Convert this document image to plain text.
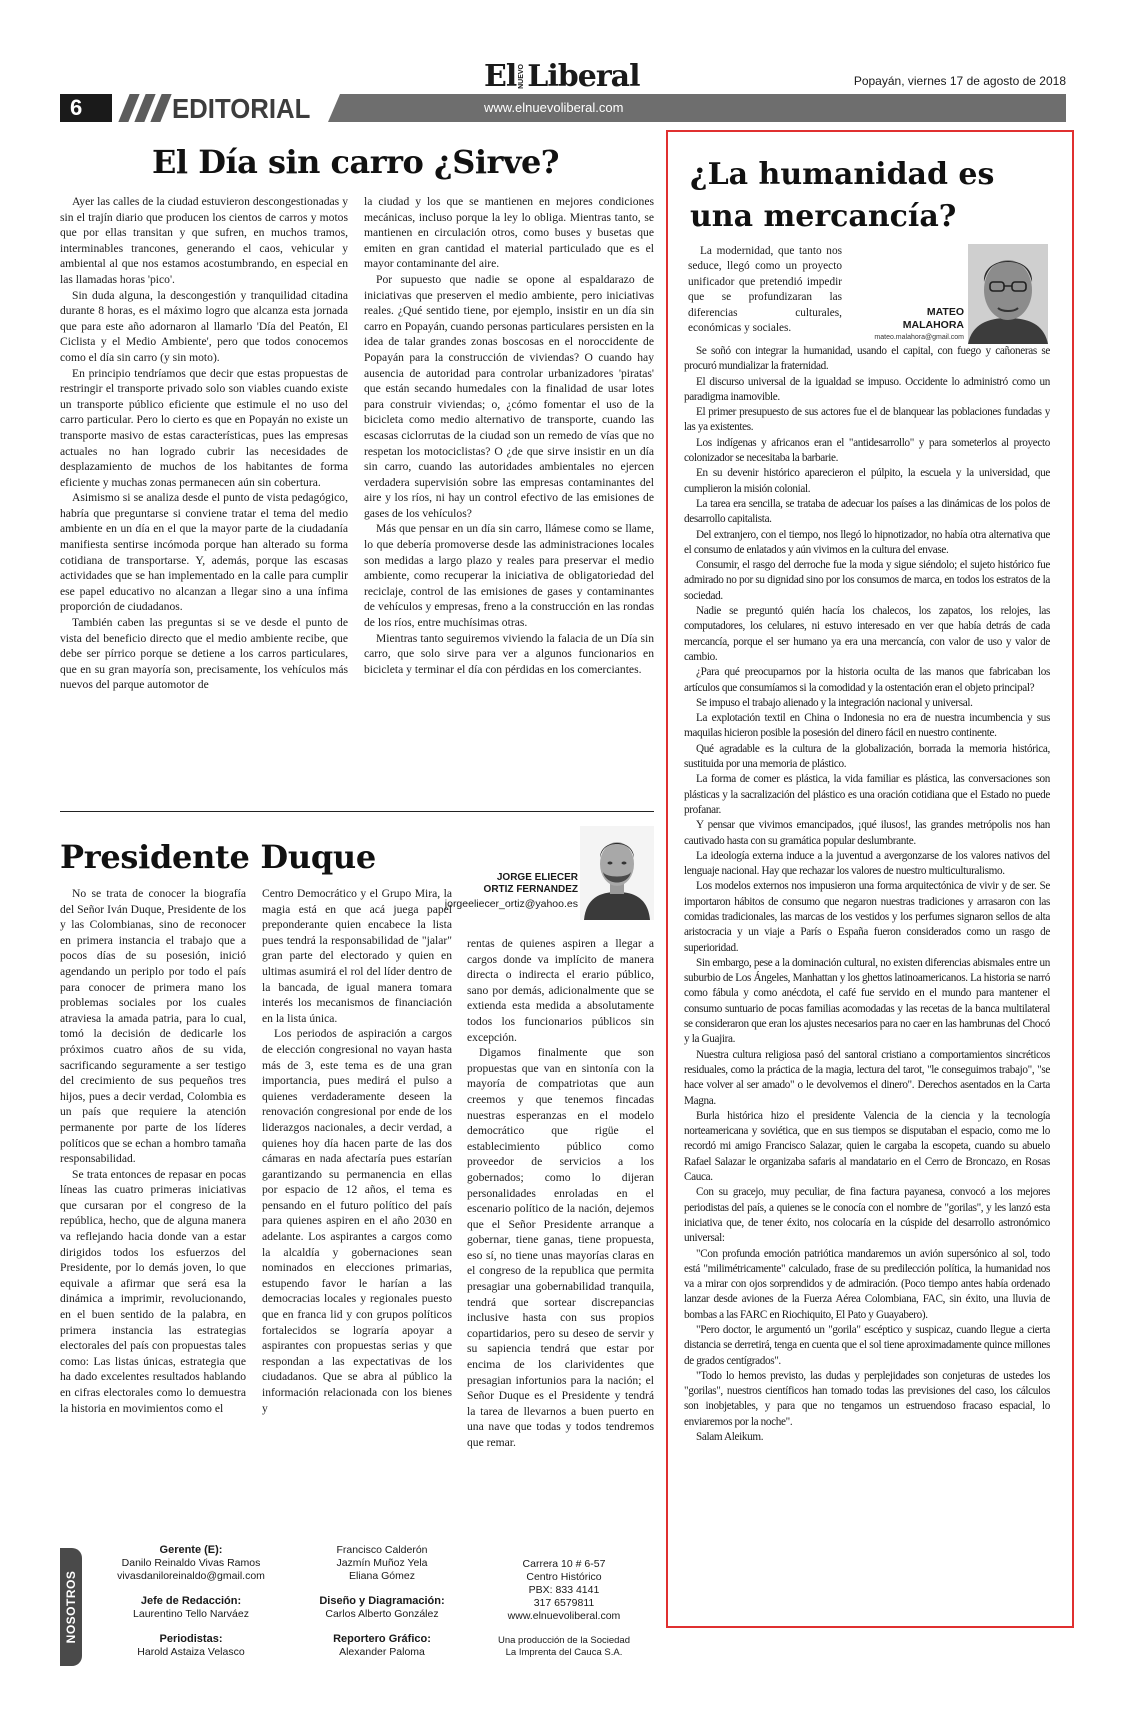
El NUEVO Liberal	Popayán, viernes 17 de agosto de 2018
6	EDITORIAL	www.elnuevoliberal.com
El Día sin carro ¿Sirve?

Ayer las calles de la ciudad estuvieron descongestionadas y sin el trajín diario que producen los cientos de carros y motos que por ellas transitan y que sufren, en muchos tramos, interminables trancones, generando el caos, vehicular y ambiental al que nos estamos acostumbrando, en especial en las llamadas horas 'pico'.

Sin duda alguna, la descongestión y tranquilidad citadina durante 8 horas, es el máximo logro que alcanza esta jornada que para este año adornaron al llamarlo 'Día del Peatón, El Ciclista y el Medio Ambiente', pero que todos conocemos como el día sin carro (y sin moto).

En principio tendríamos que decir que estas propuestas de restringir el transporte privado solo son viables cuando existe un transporte público eficiente que estimule el no uso del carro particular. Pero lo cierto es que en Popayán no existe un transporte masivo de estas características, pues las empresas actuales no han logrado cubrir las necesidades de desplazamiento de muchos de los habitantes de forma eficiente y muchas zonas permanecen aún sin cobertura.

Asimismo si se analiza desde el punto de vista pedagógico, habría que preguntarse si conviene tratar el tema del medio ambiente en un día en el que la mayor parte de la ciudadanía manifiesta sentirse incómoda porque han alterado su forma cotidiana de transportarse. Y, además, porque las escasas actividades que se han implementado en la calle para cumplir ese papel educativo no alcanzan a llegar sino a una ínfima proporción de ciudadanos.

También caben las preguntas si se ve desde el punto de vista del beneficio directo que el medio ambiente recibe, que debe ser pírrico porque se detiene a los carros particulares, que en su gran mayoría son, precisamente, los vehículos más nuevos del parque automotor de

la ciudad y los que se mantienen en mejores condiciones mecánicas, incluso porque la ley lo obliga. Mientras tanto, se mantienen en circulación otros, como buses y busetas que emiten en gran cantidad el material particulado que es el mayor contaminante del aire.

Por supuesto que nadie se opone al espaldarazo de iniciativas que preserven el medio ambiente, pero iniciativas reales. ¿Qué sentido tiene, por ejemplo, insistir en un día sin carro en Popayán, cuando personas particulares persisten en la idea de talar grandes zonas boscosas en el noroccidente de Popayán para la construcción de viviendas? O cuando hay ausencia de autoridad para controlar urbanizadores 'piratas' que están secando humedales con la finalidad de usar lotes para construir viviendas; o, ¿cómo fomentar el uso de la bicicleta como medio alternativo de transporte, cuando las escasas ciclorrutas de la ciudad son un remedo de vías que no respetan los motociclistas? O ¿de que sirve insistir en un día sin carro, cuando las autoridades ambientales no ejercen verdadera supervisión sobre las empresas contaminantes del aire y los ríos, ni hay un control efectivo de las emisiones de gases de los vehículos?

Más que pensar en un día sin carro, llámese como se llame, lo que debería promoverse desde las administraciones locales son medidas a largo plazo y reales para preservar el medio ambiente, como recuperar la iniciativa de obligatoriedad del reciclaje, control de las emisiones de gases y contaminantes de vehículos y empresas, freno a la construcción en las rondas de los ríos, entre muchísimas otras.

Mientras tanto seguiremos viviendo la falacia de un Día sin carro, que solo sirve para ver a algunos funcionarios en bicicleta y terminar el día con pérdidas en los comerciantes.

Presidente Duque
JORGE ELIECER
ORTIZ FERNANDEZ
jorgeeliecer_ortiz@yahoo.es

No se trata de conocer la biografía del Señor Iván Duque, Presidente de los y las Colombianas, sino de reconocer en primera instancia el trabajo que a pocos días de su posesión, inició agendando un periplo por todo el país para conocer de primera mano los problemas sociales por los cuales atraviesa la amada patria, para lo cual, tomó la decisión de dedicarle los próximos cuatro años de su vida, sacrificando seguramente a ser testigo del crecimiento de sus pequeños tres hijos, pues a decir verdad, Colombia es un país que requiere la atención permanente por parte de los líderes políticos que se echan a hombro tamaña responsabilidad.

Se trata entonces de repasar en pocas líneas las cuatro primeras iniciativas que cursaran por el congreso de la república, hecho, que de alguna manera va reflejando hacia donde van a estar dirigidos todos los esfuerzos del Presidente, por lo demás joven, lo que equivale a afirmar que será esa la dinámica a imprimir, revolucionando, en el buen sentido de la palabra, en primera instancia las estrategias electorales del país con propuestas tales como: Las listas únicas, estrategia que ha dado excelentes resultados hablando en cifras electorales como lo demuestra la historia en movimientos como el

Centro Democrático y el Grupo Mira, la magia está en que acá juega papel preponderante quien encabece la lista pues tendrá la responsabilidad de "jalar" gran parte del electorado y quien en ultimas asumirá el rol del líder dentro de la bancada, de igual manera tomara interés los mecanismos de financiación en la lista única.

Los periodos de aspiración a cargos de elección congresional no vayan hasta más de 3, este tema es de una gran importancia, pues medirá el pulso a quienes verdaderamente deseen la renovación congresional por ende de los liderazgos nacionales, a decir verdad, a quienes hoy día hacen parte de las dos cámaras en nada afectaría pues estarían garantizando su permanencia en ellas por espacio de 12 años, el tema es pensando en el futuro político del país para quienes aspiren en el año 2030 en adelante. Los aspirantes a cargos como la alcaldía y gobernaciones sean nominados en elecciones primarias, estupendo favor le harían a las democracias locales y regionales puesto que en franca lid y con grupos políticos fortalecidos se lograría apoyar a aspirantes con propuestas serias y que respondan a las expectativas de los ciudadanos. Que se abra al público la información relacionada con los bienes y

rentas de quienes aspiren a llegar a cargos donde va implícito de manera directa o indirecta el erario público, sano por demás, adicionalmente que se extienda esta medida a absolutamente todos los funcionarios públicos sin excepción.

Digamos finalmente que son propuestas que van en sintonía con la mayoría de compatriotas que aun creemos y que tenemos fincadas nuestras esperanzas en el modelo democrático que rigüe el establecimiento público como proveedor de servicios a los gobernados; como lo dijeran personalidades enroladas en el escenario político de la nación, dejemos que el Señor Presidente arranque a gobernar, tiene ganas, tiene propuesta, eso sí, no tiene unas mayorías claras en el congreso de la republica que permita presagiar una gobernabilidad tranquila, tendrá que sortear discrepancias inclusive hasta con sus propios copartidarios, pero su deseo de servir y su sapiencia tendrá que estar por encima de los clarividentes que presagian infortunios para la nación; el Señor Duque es el Presidente y tendrá la tarea de llevarnos a buen puerto en una nave que todas y todos tendremos que remar.

¿La humanidad es
una mercancía?

La modernidad, que tanto nos seduce, llegó como un proyecto unificador que pretendió impedir que se profundizaran las diferencias culturales, económicas y sociales.

MATEO
MALAHORA
mateo.malahora@gmail.com

Se soñó con integrar la humanidad, usando el capital, con fuego y cañoneras se procuró mundializar la fraternidad.

El discurso universal de la igualdad se impuso. Occidente lo administró como un paradigma inamovible.

El primer presupuesto de sus actores fue el de blanquear las poblaciones fundadas y las ya existentes.

Los indígenas y africanos eran el "antidesarrollo" y para someterlos al proyecto colonizador se necesitaba la barbarie.

En su devenir histórico aparecieron el púlpito, la escuela y la universidad, que cumplieron la misión colonial.

La tarea era sencilla, se trataba de adecuar los países a las dinámicas de los polos de desarrollo capitalista.

Del extranjero, con el tiempo, nos llegó lo hipnotizador, no había otra alternativa que el consumo de enlatados y aún vivimos en la cultura del envase.

Consumir, el rasgo del derroche fue la moda y sigue siéndolo; el sujeto histórico fue admirado no por su dignidad sino por los consumos de marca, en todos los estratos de la sociedad.

Nadie se preguntó quién hacía los chalecos, los zapatos, los relojes, las computadores, los celulares, ni estuvo interesado en ver que había detrás de cada mercancía, porque el ser humano ya era una mercancía, con valor de uso y valor de cambio.

¿Para qué preocuparnos por la historia oculta de las manos que fabricaban los artículos que consumíamos si la comodidad y la ostentación eran el objeto principal?

Se impuso el trabajo alienado y la integración nacional y universal.

La explotación textil en China o Indonesia no era de nuestra incumbencia y sus maquilas hicieron posible la posesión del dinero fácil en nuestro continente.

Qué agradable es la cultura de la globalización, borrada la memoria histórica, sustituida por una memoria de plástico.

La forma de comer es plástica, la vida familiar es plástica, las conversaciones son plásticas y la sacralización del plástico es una oración cotidiana que el Estado no puede profanar.

Y pensar que vivimos emancipados, ¡qué ilusos!, las grandes metrópolis nos han cautivado hasta con su gramática popular deslumbrante.

La ideología externa induce a la juventud a avergonzarse de los valores nativos del lenguaje nacional. Hay que rechazar los valores de nuestro multiculturalismo.

Los modelos externos nos impusieron una forma arquitectónica de vivir y de ser. Se importaron hábitos de consumo que negaron nuestras tradiciones y arrasaron con las comidas tradicionales, las marcas de los vestidos y los perfumes signaron sellos de alta aristocracia y un viaje a París o España fueron considerados como un rasgo de superioridad.

Sin embargo, pese a la dominación cultural, no existen diferencias abismales entre un suburbio de Los Ángeles, Manhattan y los ghettos latinoamericanos. La historia se narró como fábula y como anécdota, el café fue servido en el mundo para mantener el consumo suntuario de pocas familias acomodadas y las recetas de la banca multilateral se consideraron que eran los ajustes necesarios para no caer en las hambrunas del Chocó y la Guajira.

Nuestra cultura religiosa pasó del santoral cristiano a comportamientos sincréticos residuales, como la práctica de la magia, lectura del tarot, "le conseguimos trabajo", "se hace volver al ser amado" o le devolvemos el dinero". Derechos asentados en la Carta Magna.

Burla histórica hizo el presidente Valencia de la ciencia y la tecnología norteamericana y soviética, que en sus tiempos se disputaban el espacio, como me lo recordó mi amigo Francisco Salazar, quien le cargaba la escopeta, cuando su abuelo Rafael Salazar le organizaba safaris al mandatario en el Cerro de Broncazo, en Rosas Cauca.

Con su gracejo, muy peculiar, de fina factura payanesa, convocó a los mejores periodistas del país, a quienes se le conocía con el nombre de "gorilas", y les lanzó esta iniciativa que, de tener éxito, nos colocaría en la cúspide del desarrollo astronómico universal:

"Con profunda emoción patriótica mandaremos un avión supersónico al sol, todo está "milimétricamente" calculado, frase de su predilección política, la humanidad nos va a mirar con ojos sorprendidos y de admiración. (Poco tiempo antes había ordenado lanzar desde aviones de la Fuerza Aérea Colombiana, FAC, sin éxito, una lluvia de bombas a las FARC en Riochiquito, El Pato y Guayabero).

"Pero doctor, le argumentó un "gorila" escéptico y suspicaz, cuando llegue a cierta distancia se derretirá, tenga en cuenta que el sol tiene aproximadamente quince millones de grados centígrados".

"Todo lo hemos previsto, las dudas y perplejidades son conjeturas de ustedes los "gorilas", nuestros científicos han tomado todas las previsiones del caso, los cálculos son inobjetables, y para que no tengamos un estruendoso fracaso espacial, lo enviaremos por la noche".

Salam Aleikum.

NOSOTROS
Gerente (E):
Danilo Reinaldo Vivas Ramos
vivasdaniloreinaldo@gmail.com
Jefe de Redacción:
Laurentino Tello Narváez
Periodistas:
Harold Astaiza Velasco
Francisco Calderón
Jazmín Muñoz Yela
Eliana Gómez
Diseño y Diagramación:
Carlos Alberto González
Reportero Gráfico:
Alexander Paloma
Carrera 10 # 6-57
Centro Histórico
PBX: 833 4141
317 6579811
www.elnuevoliberal.com
Una producción de la Sociedad
La Imprenta del Cauca S.A.
